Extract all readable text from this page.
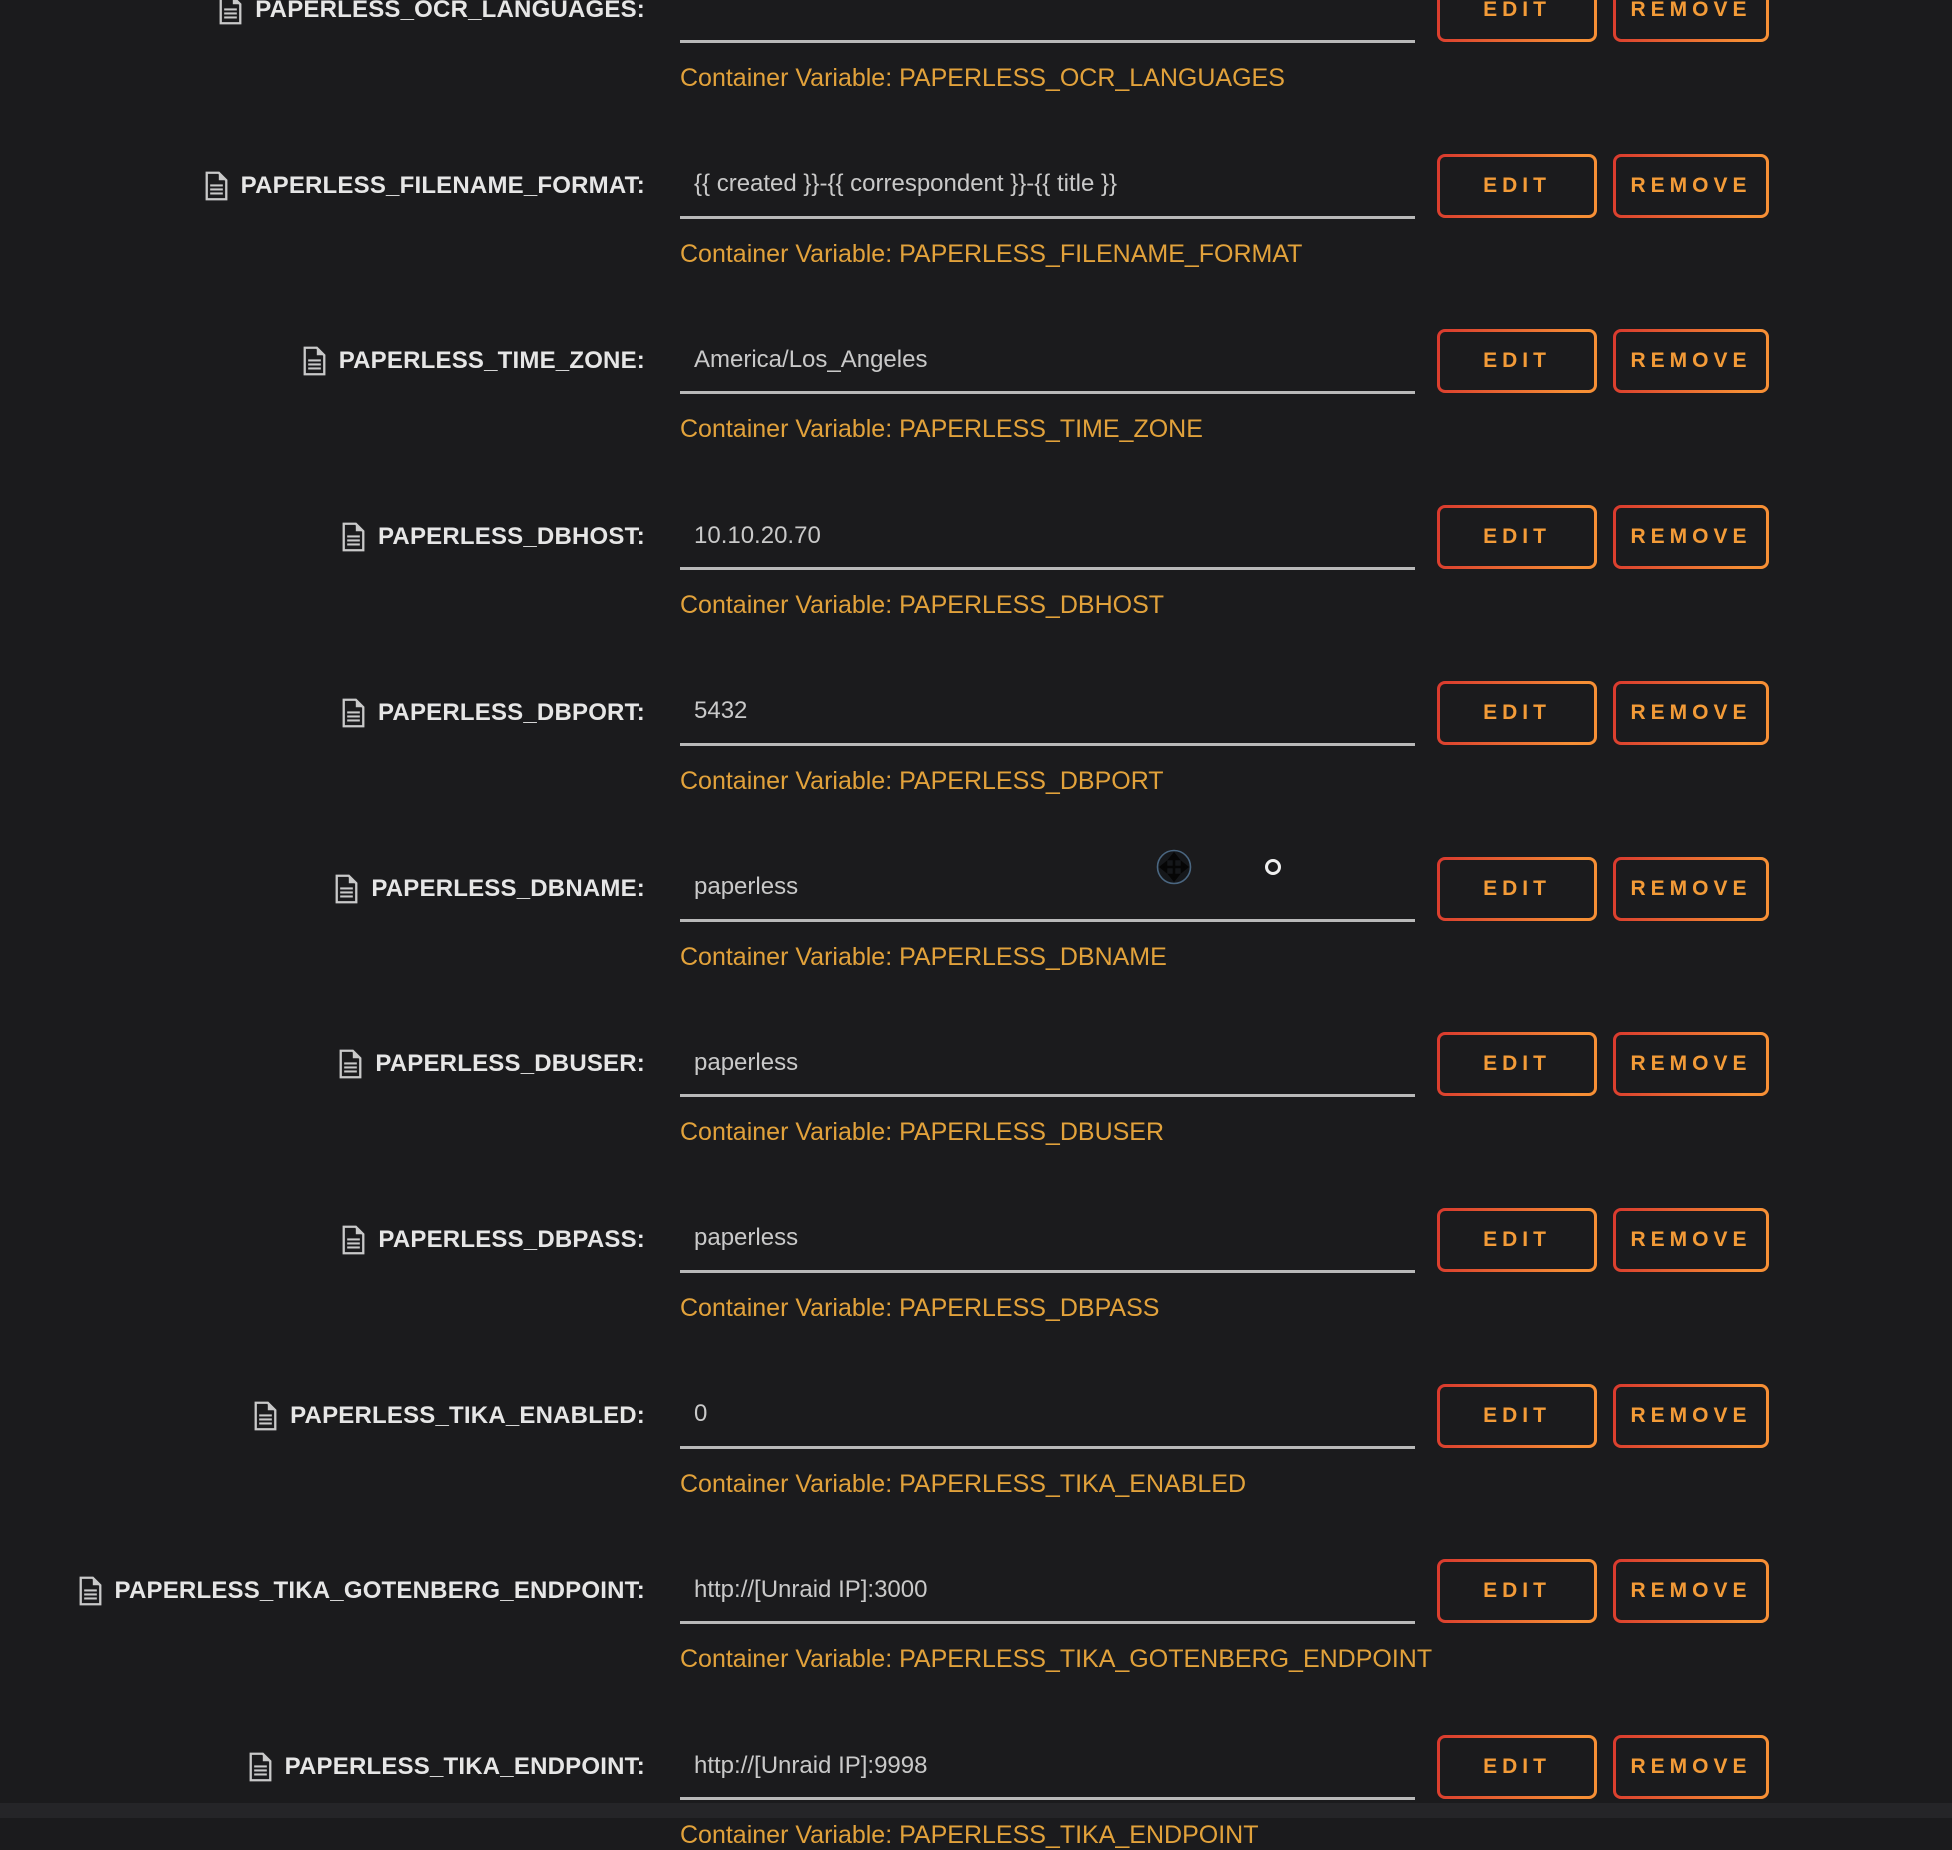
PAPERLESS_OCR_LANGUAGES:
Container Variable: PAPERLESS_OCR_LANGUAGES
EDIT	REMOVE
PAPERLESS_FILENAME_FORMAT: {{ created }}-{{ correspondent }}-{{ title }}
Container Variable: PAPERLESS_FILENAME_FORMAT
EDIT	REMOVE
PAPERLESS_TIME_ZONE: America/Los_Angeles
Container Variable: PAPERLESS_TIME_ZONE
EDIT	REMOVE
PAPERLESS_DBHOST: 10.10.20.70
Container Variable: PAPERLESS_DBHOST
EDIT	REMOVE
PAPERLESS_DBPORT: 5432
Container Variable: PAPERLESS_DBPORT
EDIT	REMOVE
PAPERLESS_DBNAME: paperless
Container Variable: PAPERLESS_DBNAME
EDIT	REMOVE
PAPERLESS_DBUSER: paperless
Container Variable: PAPERLESS_DBUSER
EDIT	REMOVE
PAPERLESS_DBPASS: paperless
Container Variable: PAPERLESS_DBPASS
EDIT	REMOVE
PAPERLESS_TIKA_ENABLED: 0
Container Variable: PAPERLESS_TIKA_ENABLED
EDIT	REMOVE
PAPERLESS_TIKA_GOTENBERG_ENDPOINT: http://[Unraid IP]:3000
Container Variable: PAPERLESS_TIKA_GOTENBERG_ENDPOINT
EDIT	REMOVE
PAPERLESS_TIKA_ENDPOINT: http://[Unraid IP]:9998
Container Variable: PAPERLESS_TIKA_ENDPOINT
EDIT	REMOVE
